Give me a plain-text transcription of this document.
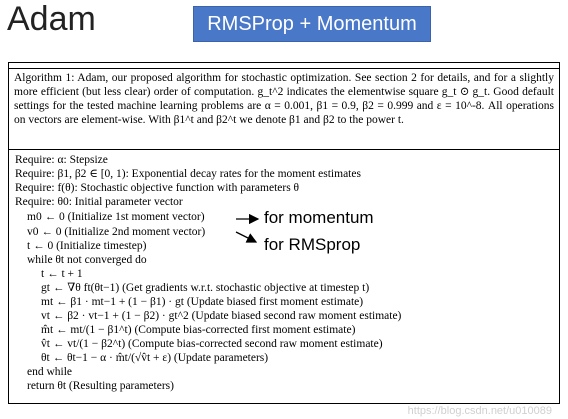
Adam	RMSProp + Momentum
Algorithm 1: Adam, our proposed algorithm for stochastic optimization. See section 2 for details, and for a slightly more efficient (but less clear) order of computation. g_t^2 indicates the elementwise square g_t ⊙ g_t. Good default settings for the tested machine learning problems are α = 0.001, β1 = 0.9, β2 = 0.999 and ε = 10^-8. All operations on vectors are element-wise. With β1^t and β2^t we denote β1 and β2 to the power t.
Require: α: Stepsize
Require: β1, β2 ∈ [0, 1): Exponential decay rates for the moment estimates
Require: f(θ): Stochastic objective function with parameters θ
Require: θ0: Initial parameter vector
m0 ← 0 (Initialize 1st moment vector)
v0 ← 0 (Initialize 2nd moment vector)
t ← 0 (Initialize timestep)
while θt not converged do
t ← t + 1
gt ← ∇θ ft(θt−1) (Get gradients w.r.t. stochastic objective at timestep t)
mt ← β1 · mt−1 + (1 − β1) · gt (Update biased first moment estimate)
vt ← β2 · vt−1 + (1 − β2) · gt^2 (Update biased second raw moment estimate)
m̂t ← mt/(1 − β1^t) (Compute bias-corrected first moment estimate)
v̂t ← vt/(1 − β2^t) (Compute bias-corrected second raw moment estimate)
θt ← θt−1 − α · m̂t/(√v̂t + ε) (Update parameters)
end while
return θt (Resulting parameters)
for momentum
for RMSprop
https://blog.csdn.net/u010089
